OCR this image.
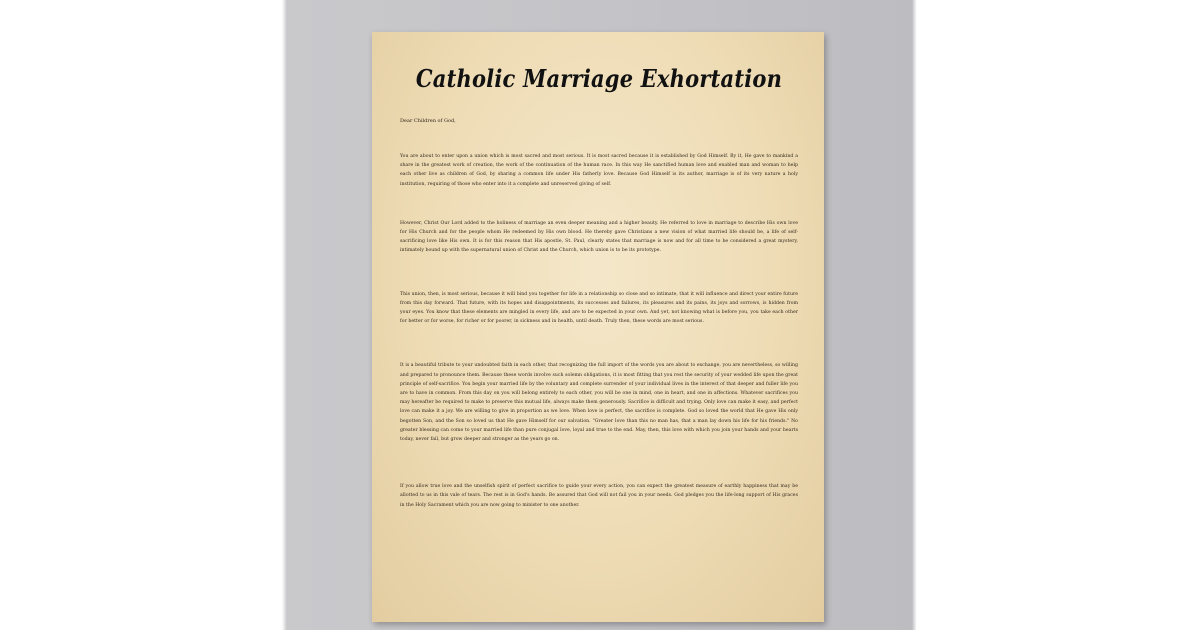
Catholic Marriage Exhortation
Dear Children of God,

You are about to enter upon a union which is most sacred and most serious. It is most sacred because it is established by God Himself. By it, He gave to mankind a share in the greatest work of creation, the work of the continuation of the human race. In this way He sanctified human love and enabled man and woman to help each other live as children of God, by sharing a common life under His fatherly love. Because God Himself is its author, marriage is of its very nature a holy institution, requiring of those who enter into it a complete and unreserved giving of self.

However, Christ Our Lord added to the holiness of marriage an even deeper meaning and a higher beauty. He referred to love in marriage to describe His own love for His Church and for the people whom He redeemed by His own blood. He thereby gave Christians a new vision of what married life should be, a life of self-sacrificing love like His own. It is for this reason that His apostle, St. Paul, clearly states that marriage is now and for all time to be considered a great mystery, intimately bound up with the supernatural union of Christ and the Church, which union is to be its prototype.

This union, then, is most serious, because it will bind you together for life in a relationship so close and so intimate, that it will influence and direct your entire future from this day forward. That future, with its hopes and disappointments, its successes and failures, its pleasures and its pains, its joys and sorrows, is hidden from your eyes. You know that these elements are mingled in every life, and are to be expected in your own. And yet, not knowing what is before you, you take each other for better or for worse, for richer or for poorer, in sickness and in health, until death. Truly then, these words are most serious.

It is a beautiful tribute to your undoubted faith in each other, that recognizing the full import of the words you are about to exchange, you are nevertheless, so willing and prepared to pronounce them. Because these words involve such solemn obligations, it is most fitting that you rest the security of your wedded life upon the great principle of self-sacrifice. You begin your married life by the voluntary and complete surrender of your individual lives in the interest of that deeper and fuller life you are to have in common. From this day on you will belong entirely to each other, you will be one in mind, one in heart, and one in affections. Whatever sacrifices you may hereafter be required to make to preserve this mutual life, always make them generously. Sacrifice is difficult and trying. Only love can make it easy, and perfect love can make it a joy. We are willing to give in proportion as we love. When love is perfect, the sacrifice is complete. God so loved the world that He gave His only begotten Son, and the Son so loved us that He gave Himself for our salvation. "Greater love than this no man has, that a man lay down his life for his friends." No greater blessing can come to your married life than pure conjugal love, loyal and true to the end. May, then, this love with which you join your hands and your hearts today, never fail, but grow deeper and stronger as the years go on.

If you allow true love and the unselfish spirit of perfect sacrifice to guide your every action, you can expect the greatest measure of earthly happiness that may be allotted to us in this vale of tears. The rest is in God's hands. Be assured that God will not fail you in your needs. God pledges you the life-long support of His graces in the Holy Sacrament which you are now going to minister to one another.
